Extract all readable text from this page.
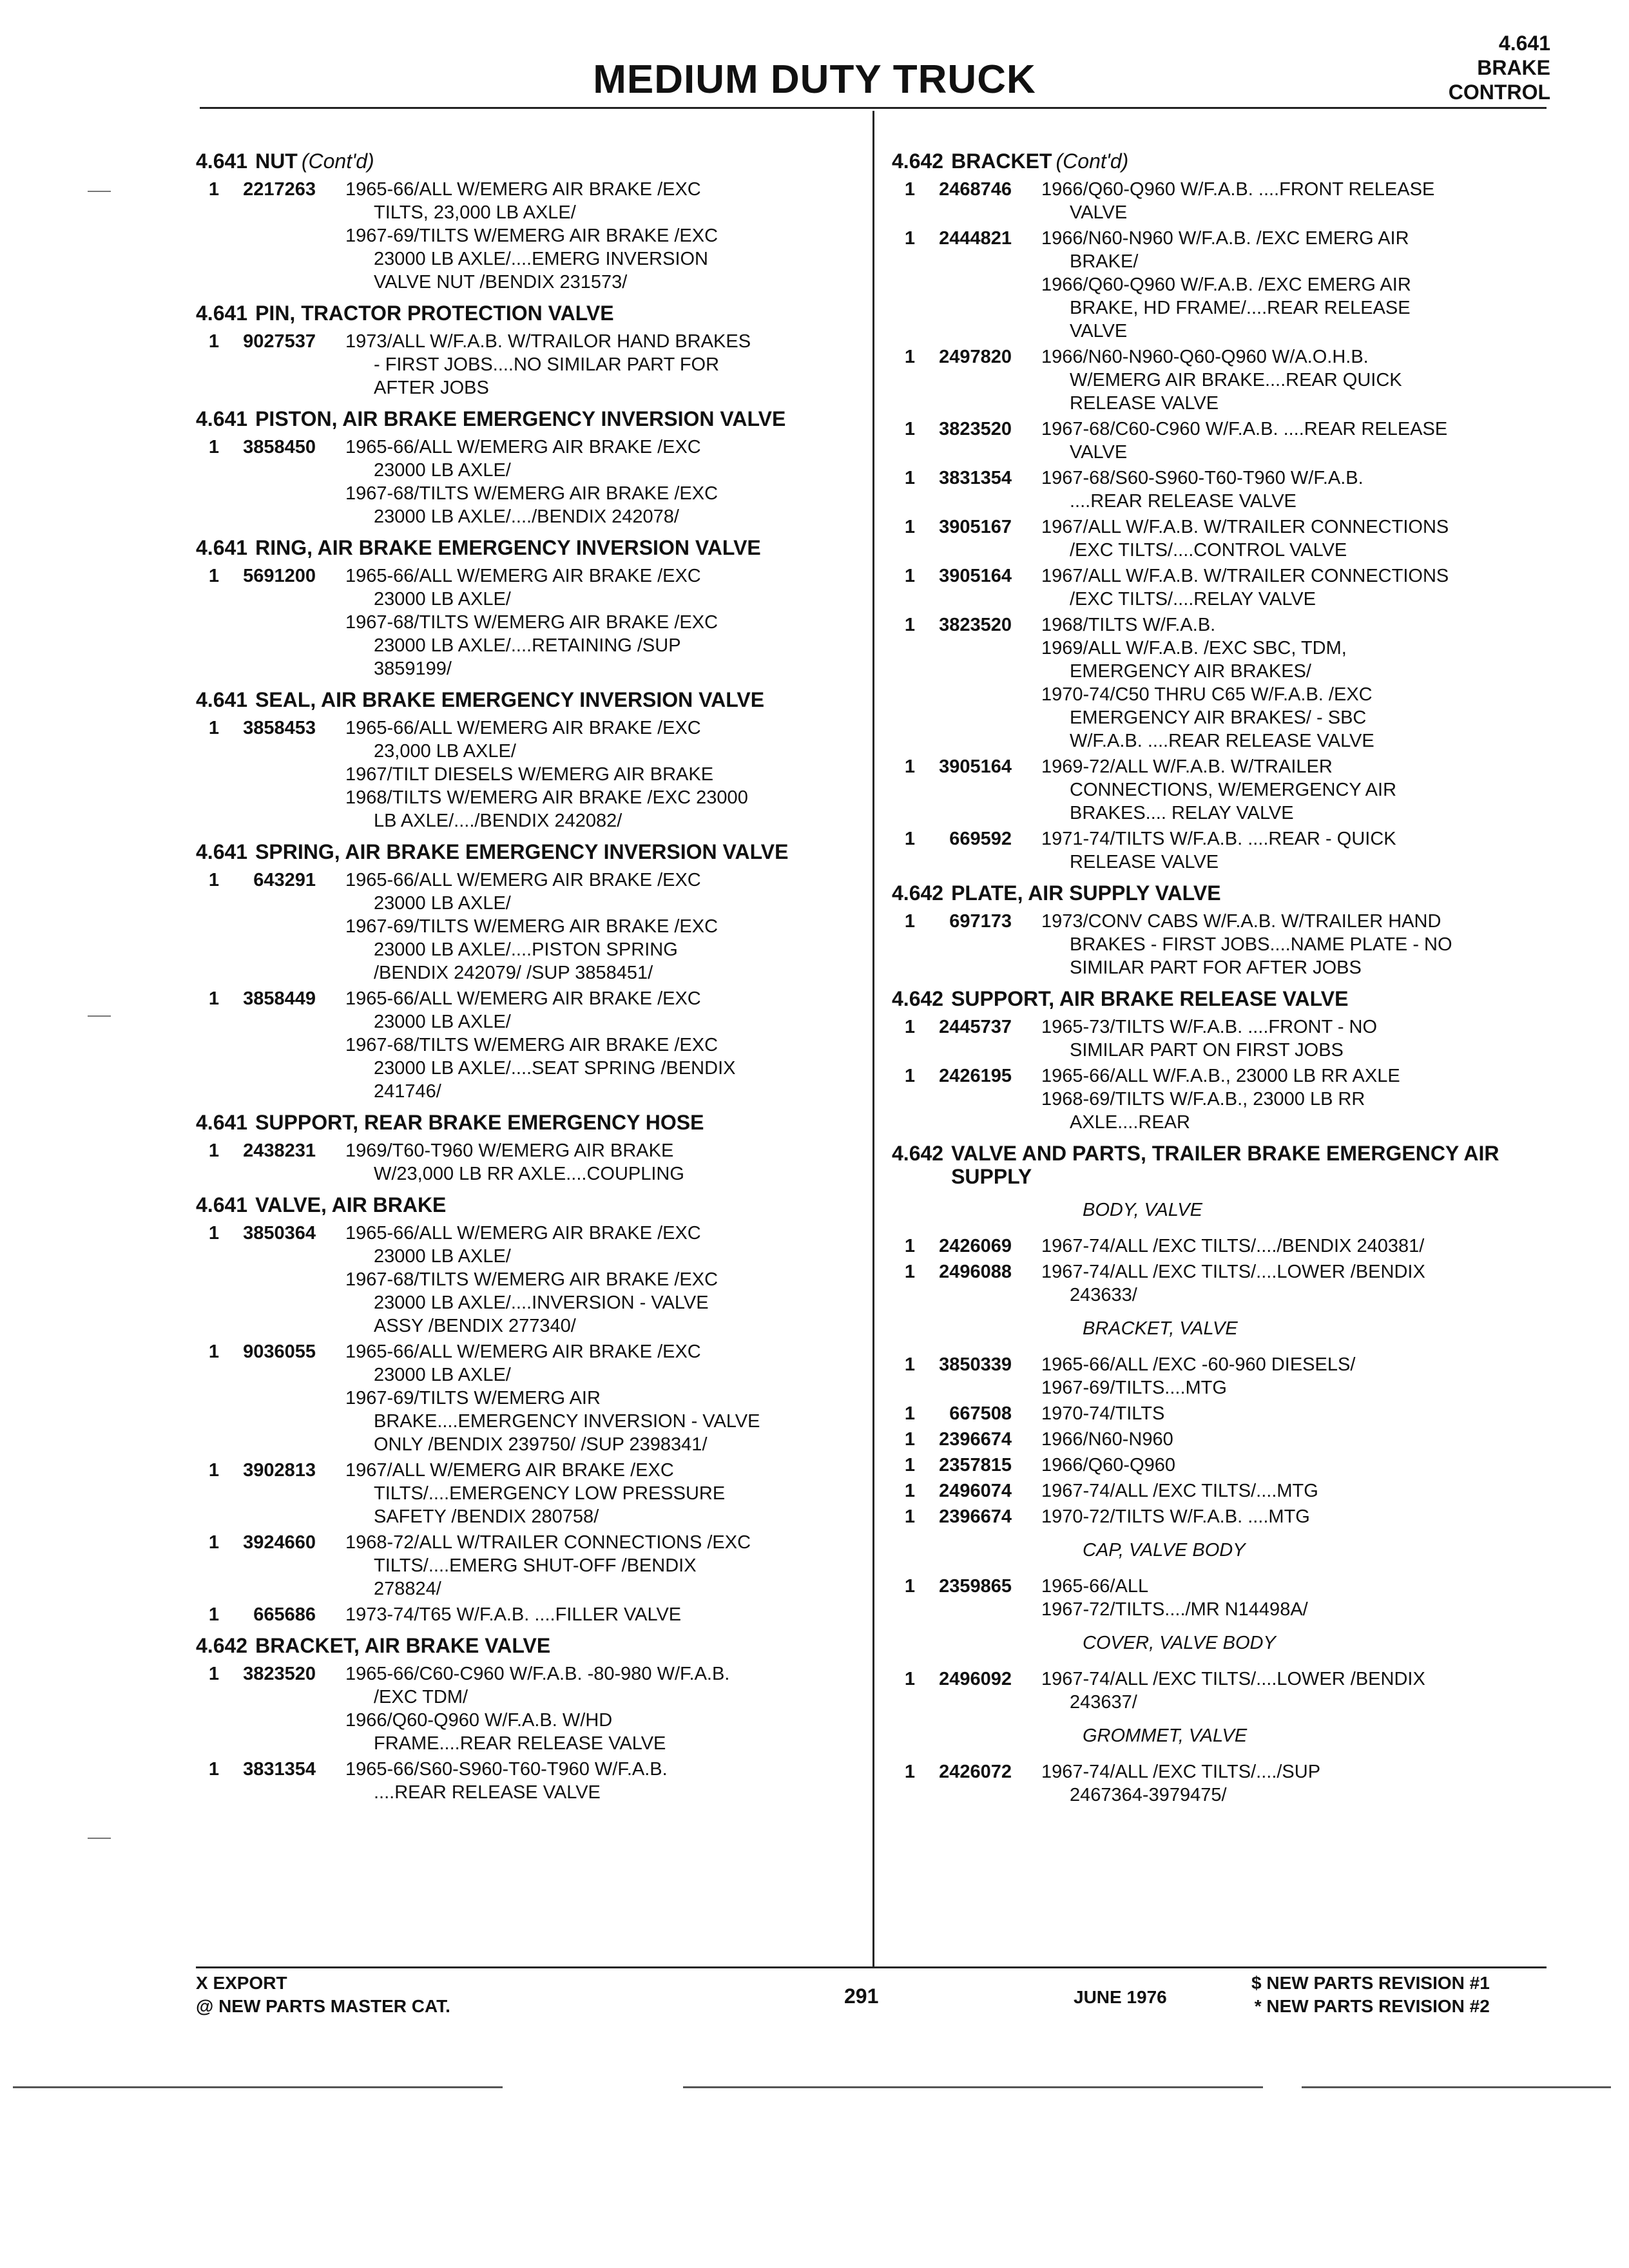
MEDIUM DUTY TRUCK
4.641
BRAKE
CONTROL
4.641 NUT (Cont'd)
1	2217263 1965-66/ALL W/EMERG AIR BRAKE /EXC
TILTS, 23,000 LB AXLE/
1967-69/TILTS W/EMERG AIR BRAKE /EXC
23000 LB AXLE/....EMERG INVERSION
VALVE NUT /BENDIX 231573/
4.641 PIN, TRACTOR PROTECTION VALVE
1	9027537 1973/ALL W/F.A.B. W/TRAILOR HAND BRAKES
- FIRST JOBS....NO SIMILAR PART FOR
AFTER JOBS
4.641 PISTON, AIR BRAKE EMERGENCY INVERSION VALVE
1	3858450 1965-66/ALL W/EMERG AIR BRAKE /EXC
23000 LB AXLE/
1967-68/TILTS W/EMERG AIR BRAKE /EXC
23000 LB AXLE/..../BENDIX 242078/
4.641 RING, AIR BRAKE EMERGENCY INVERSION VALVE
1	5691200 1965-66/ALL W/EMERG AIR BRAKE /EXC
23000 LB AXLE/
1967-68/TILTS W/EMERG AIR BRAKE /EXC
23000 LB AXLE/....RETAINING /SUP
3859199/
4.641 SEAL, AIR BRAKE EMERGENCY INVERSION VALVE
1	3858453 1965-66/ALL W/EMERG AIR BRAKE /EXC
23,000 LB AXLE/
1967/TILT DIESELS W/EMERG AIR BRAKE
1968/TILTS W/EMERG AIR BRAKE /EXC 23000
LB AXLE/..../BENDIX 242082/
4.641 SPRING, AIR BRAKE EMERGENCY INVERSION VALVE
1	643291 1965-66/ALL W/EMERG AIR BRAKE /EXC
23000 LB AXLE/
1967-69/TILTS W/EMERG AIR BRAKE /EXC
23000 LB AXLE/....PISTON SPRING
/BENDIX 242079/ /SUP 3858451/
1	3858449 1965-66/ALL W/EMERG AIR BRAKE /EXC
23000 LB AXLE/
1967-68/TILTS W/EMERG AIR BRAKE /EXC
23000 LB AXLE/....SEAT SPRING /BENDIX
241746/
4.641 SUPPORT, REAR BRAKE EMERGENCY HOSE
1	2438231 1969/T60-T960 W/EMERG AIR BRAKE
W/23,000 LB RR AXLE....COUPLING
4.641 VALVE, AIR BRAKE
1	3850364 1965-66/ALL W/EMERG AIR BRAKE /EXC
23000 LB AXLE/
1967-68/TILTS W/EMERG AIR BRAKE /EXC
23000 LB AXLE/....INVERSION - VALVE
ASSY /BENDIX 277340/
1	9036055 1965-66/ALL W/EMERG AIR BRAKE /EXC
23000 LB AXLE/
1967-69/TILTS W/EMERG AIR
BRAKE....EMERGENCY INVERSION - VALVE
ONLY /BENDIX 239750/ /SUP 2398341/
1	3902813 1967/ALL W/EMERG AIR BRAKE /EXC
TILTS/....EMERGENCY LOW PRESSURE
SAFETY /BENDIX 280758/
1	3924660 1968-72/ALL W/TRAILER CONNECTIONS /EXC
TILTS/....EMERG SHUT-OFF /BENDIX
278824/
1	665686 1973-74/T65 W/F.A.B. ....FILLER VALVE
4.642 BRACKET, AIR BRAKE VALVE
1	3823520 1965-66/C60-C960 W/F.A.B. -80-980 W/F.A.B.
/EXC TDM/
1966/Q60-Q960 W/F.A.B. W/HD
FRAME....REAR RELEASE VALVE
1	3831354 1965-66/S60-S960-T60-T960 W/F.A.B.
....REAR RELEASE VALVE
4.642 BRACKET (Cont'd)
1	2468746 1966/Q60-Q960 W/F.A.B. ....FRONT RELEASE
VALVE
1	2444821 1966/N60-N960 W/F.A.B. /EXC EMERG AIR
BRAKE/
1966/Q60-Q960 W/F.A.B. /EXC EMERG AIR
BRAKE, HD FRAME/....REAR RELEASE
VALVE
1	2497820 1966/N60-N960-Q60-Q960 W/A.O.H.B.
W/EMERG AIR BRAKE....REAR QUICK
RELEASE VALVE
1	3823520 1967-68/C60-C960 W/F.A.B. ....REAR RELEASE
VALVE
1	3831354 1967-68/S60-S960-T60-T960 W/F.A.B.
....REAR RELEASE VALVE
1	3905167 1967/ALL W/F.A.B. W/TRAILER CONNECTIONS
/EXC TILTS/....CONTROL VALVE
1	3905164 1967/ALL W/F.A.B. W/TRAILER CONNECTIONS
/EXC TILTS/....RELAY VALVE
1	3823520 1968/TILTS W/F.A.B.
1969/ALL W/F.A.B. /EXC SBC, TDM,
EMERGENCY AIR BRAKES/
1970-74/C50 THRU C65 W/F.A.B. /EXC
EMERGENCY AIR BRAKES/ - SBC
W/F.A.B. ....REAR RELEASE VALVE
1	3905164 1969-72/ALL W/F.A.B. W/TRAILER
CONNECTIONS, W/EMERGENCY AIR
BRAKES.... RELAY VALVE
1	669592 1971-74/TILTS W/F.A.B. ....REAR - QUICK
RELEASE VALVE
4.642 PLATE, AIR SUPPLY VALVE
1	697173 1973/CONV CABS W/F.A.B. W/TRAILER HAND
BRAKES - FIRST JOBS....NAME PLATE - NO
SIMILAR PART FOR AFTER JOBS
4.642 SUPPORT, AIR BRAKE RELEASE VALVE
1	2445737 1965-73/TILTS W/F.A.B. ....FRONT - NO
SIMILAR PART ON FIRST JOBS
1	2426195 1965-66/ALL W/F.A.B., 23000 LB RR AXLE
1968-69/TILTS W/F.A.B., 23000 LB RR
AXLE....REAR
4.642 VALVE AND PARTS, TRAILER BRAKE EMERGENCY AIR SUPPLY
BODY, VALVE
1	2426069 1967-74/ALL /EXC TILTS/..../BENDIX 240381/
1	2496088 1967-74/ALL /EXC TILTS/....LOWER /BENDIX
243633/
BRACKET, VALVE
1	3850339 1965-66/ALL /EXC -60-960 DIESELS/
1967-69/TILTS....MTG
1	667508 1970-74/TILTS
1	2396674 1966/N60-N960
1	2357815 1966/Q60-Q960
1	2496074 1967-74/ALL /EXC TILTS/....MTG
1	2396674 1970-72/TILTS W/F.A.B. ....MTG
CAP, VALVE BODY
1	2359865 1965-66/ALL
1967-72/TILTS..../MR N14498A/
COVER, VALVE BODY
1	2496092 1967-74/ALL /EXC TILTS/....LOWER /BENDIX
243637/
GROMMET, VALVE
1	2426072 1967-74/ALL /EXC TILTS/..../SUP
2467364-3979475/
X EXPORT
@ NEW PARTS MASTER CAT.	291	JUNE 1976
$ NEW PARTS REVISION #1
* NEW PARTS REVISION #2
